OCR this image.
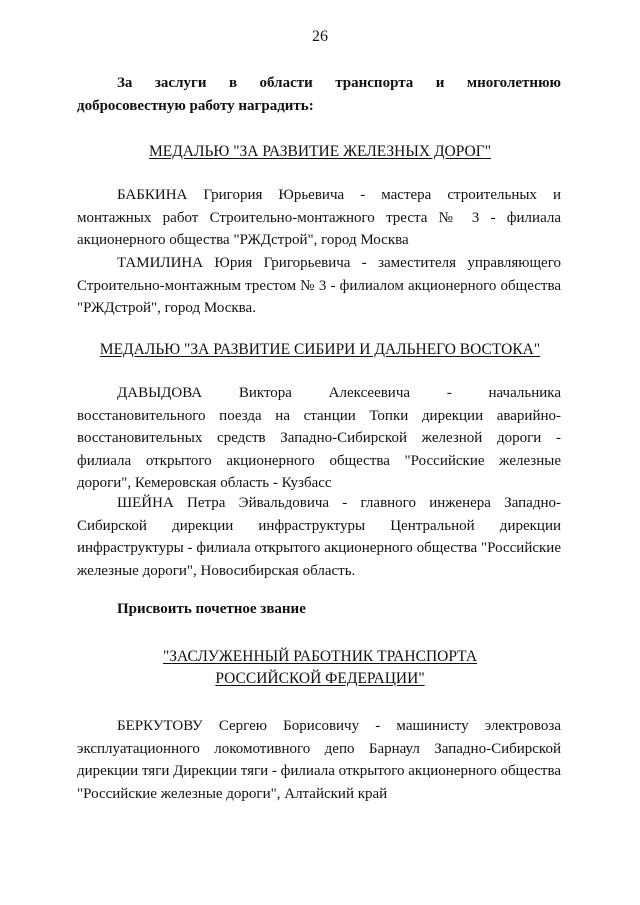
26

За заслуги в области транспорта и многолетнюю добросовестную работу наградить:

МЕДАЛЬЮ "ЗА РАЗВИТИЕ ЖЕЛЕЗНЫХ ДОРОГ"

БАБКИНА Григория Юрьевича - мастера строительных и монтажных работ Строительно-монтажного треста № 3 - филиала акционерного общества "РЖДстрой", город Москва

ТАМИЛИНА Юрия Григорьевича - заместителя управляющего Строительно-монтажным трестом № 3 - филиалом акционерного общества "РЖДстрой", город Москва.

МЕДАЛЬЮ "ЗА РАЗВИТИЕ СИБИРИ И ДАЛЬНЕГО ВОСТОКА"

ДАВЫДОВА Виктора Алексеевича - начальника восстановительного поезда на станции Топки дирекции аварийно-восстановительных средств Западно-Сибирской железной дороги - филиала открытого акционерного общества "Российские железные дороги", Кемеровская область - Кузбасс

ШЕЙНА Петра Эйвальдовича - главного инженера Западно-Сибирской дирекции инфраструктуры Центральной дирекции инфраструктуры - филиала открытого акционерного общества "Российские железные дороги", Новосибирская область.

Присвоить почетное звание

"ЗАСЛУЖЕННЫЙ РАБОТНИК ТРАНСПОРТА
РОССИЙСКОЙ ФЕДЕРАЦИИ"

БЕРКУТОВУ Сергею Борисовичу - машинисту электровоза эксплуатационного локомотивного депо Барнаул Западно-Сибирской дирекции тяги Дирекции тяги - филиала открытого акционерного общества "Российские железные дороги", Алтайский край
